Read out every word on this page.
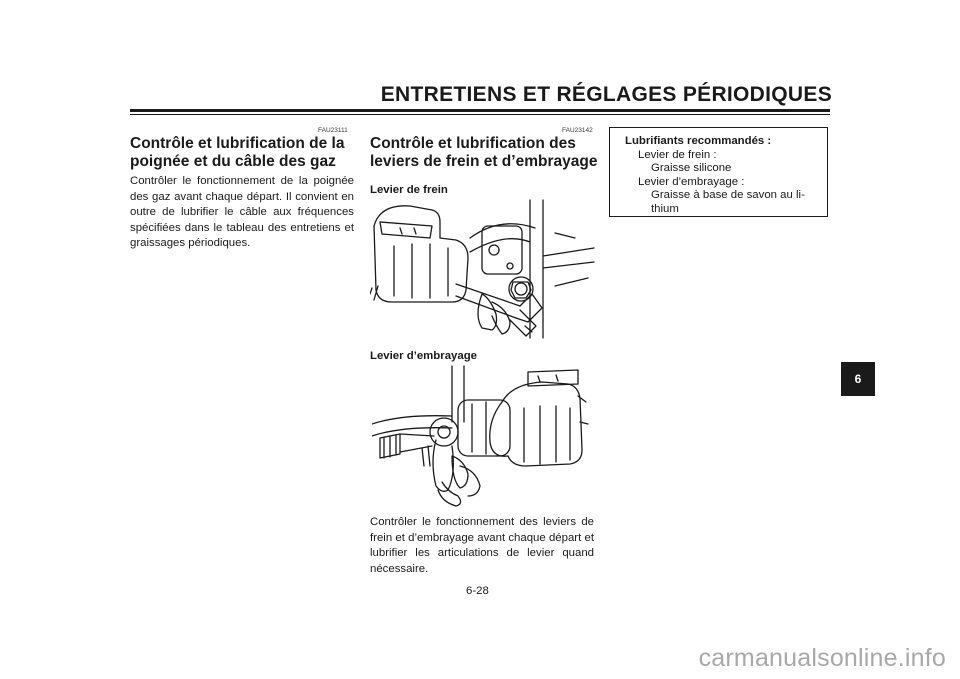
ENTRETIENS ET RÉGLAGES PÉRIODIQUES
FAU23111
Contrôle et lubrification de la
poignée et du câble des gaz
Contrôler le fonctionnement de la poignée des gaz avant chaque départ. Il convient en outre de lubrifier le câble aux fréquences spécifiées dans le tableau des entretiens et graissages périodiques.
FAU23142
Contrôle et lubrification des
leviers de frein et d’embrayage
Levier de frein
Levier d’embrayage
Contrôler le fonctionnement des leviers de frein et d’embrayage avant chaque départ et lubrifier les articulations de levier quand nécessaire.
Lubrifiants recommandés :
Levier de frein :
Graisse silicone
Levier d’embrayage :
Graisse à base de savon au li-
thium
6
6-28
carmanualsonline.info
